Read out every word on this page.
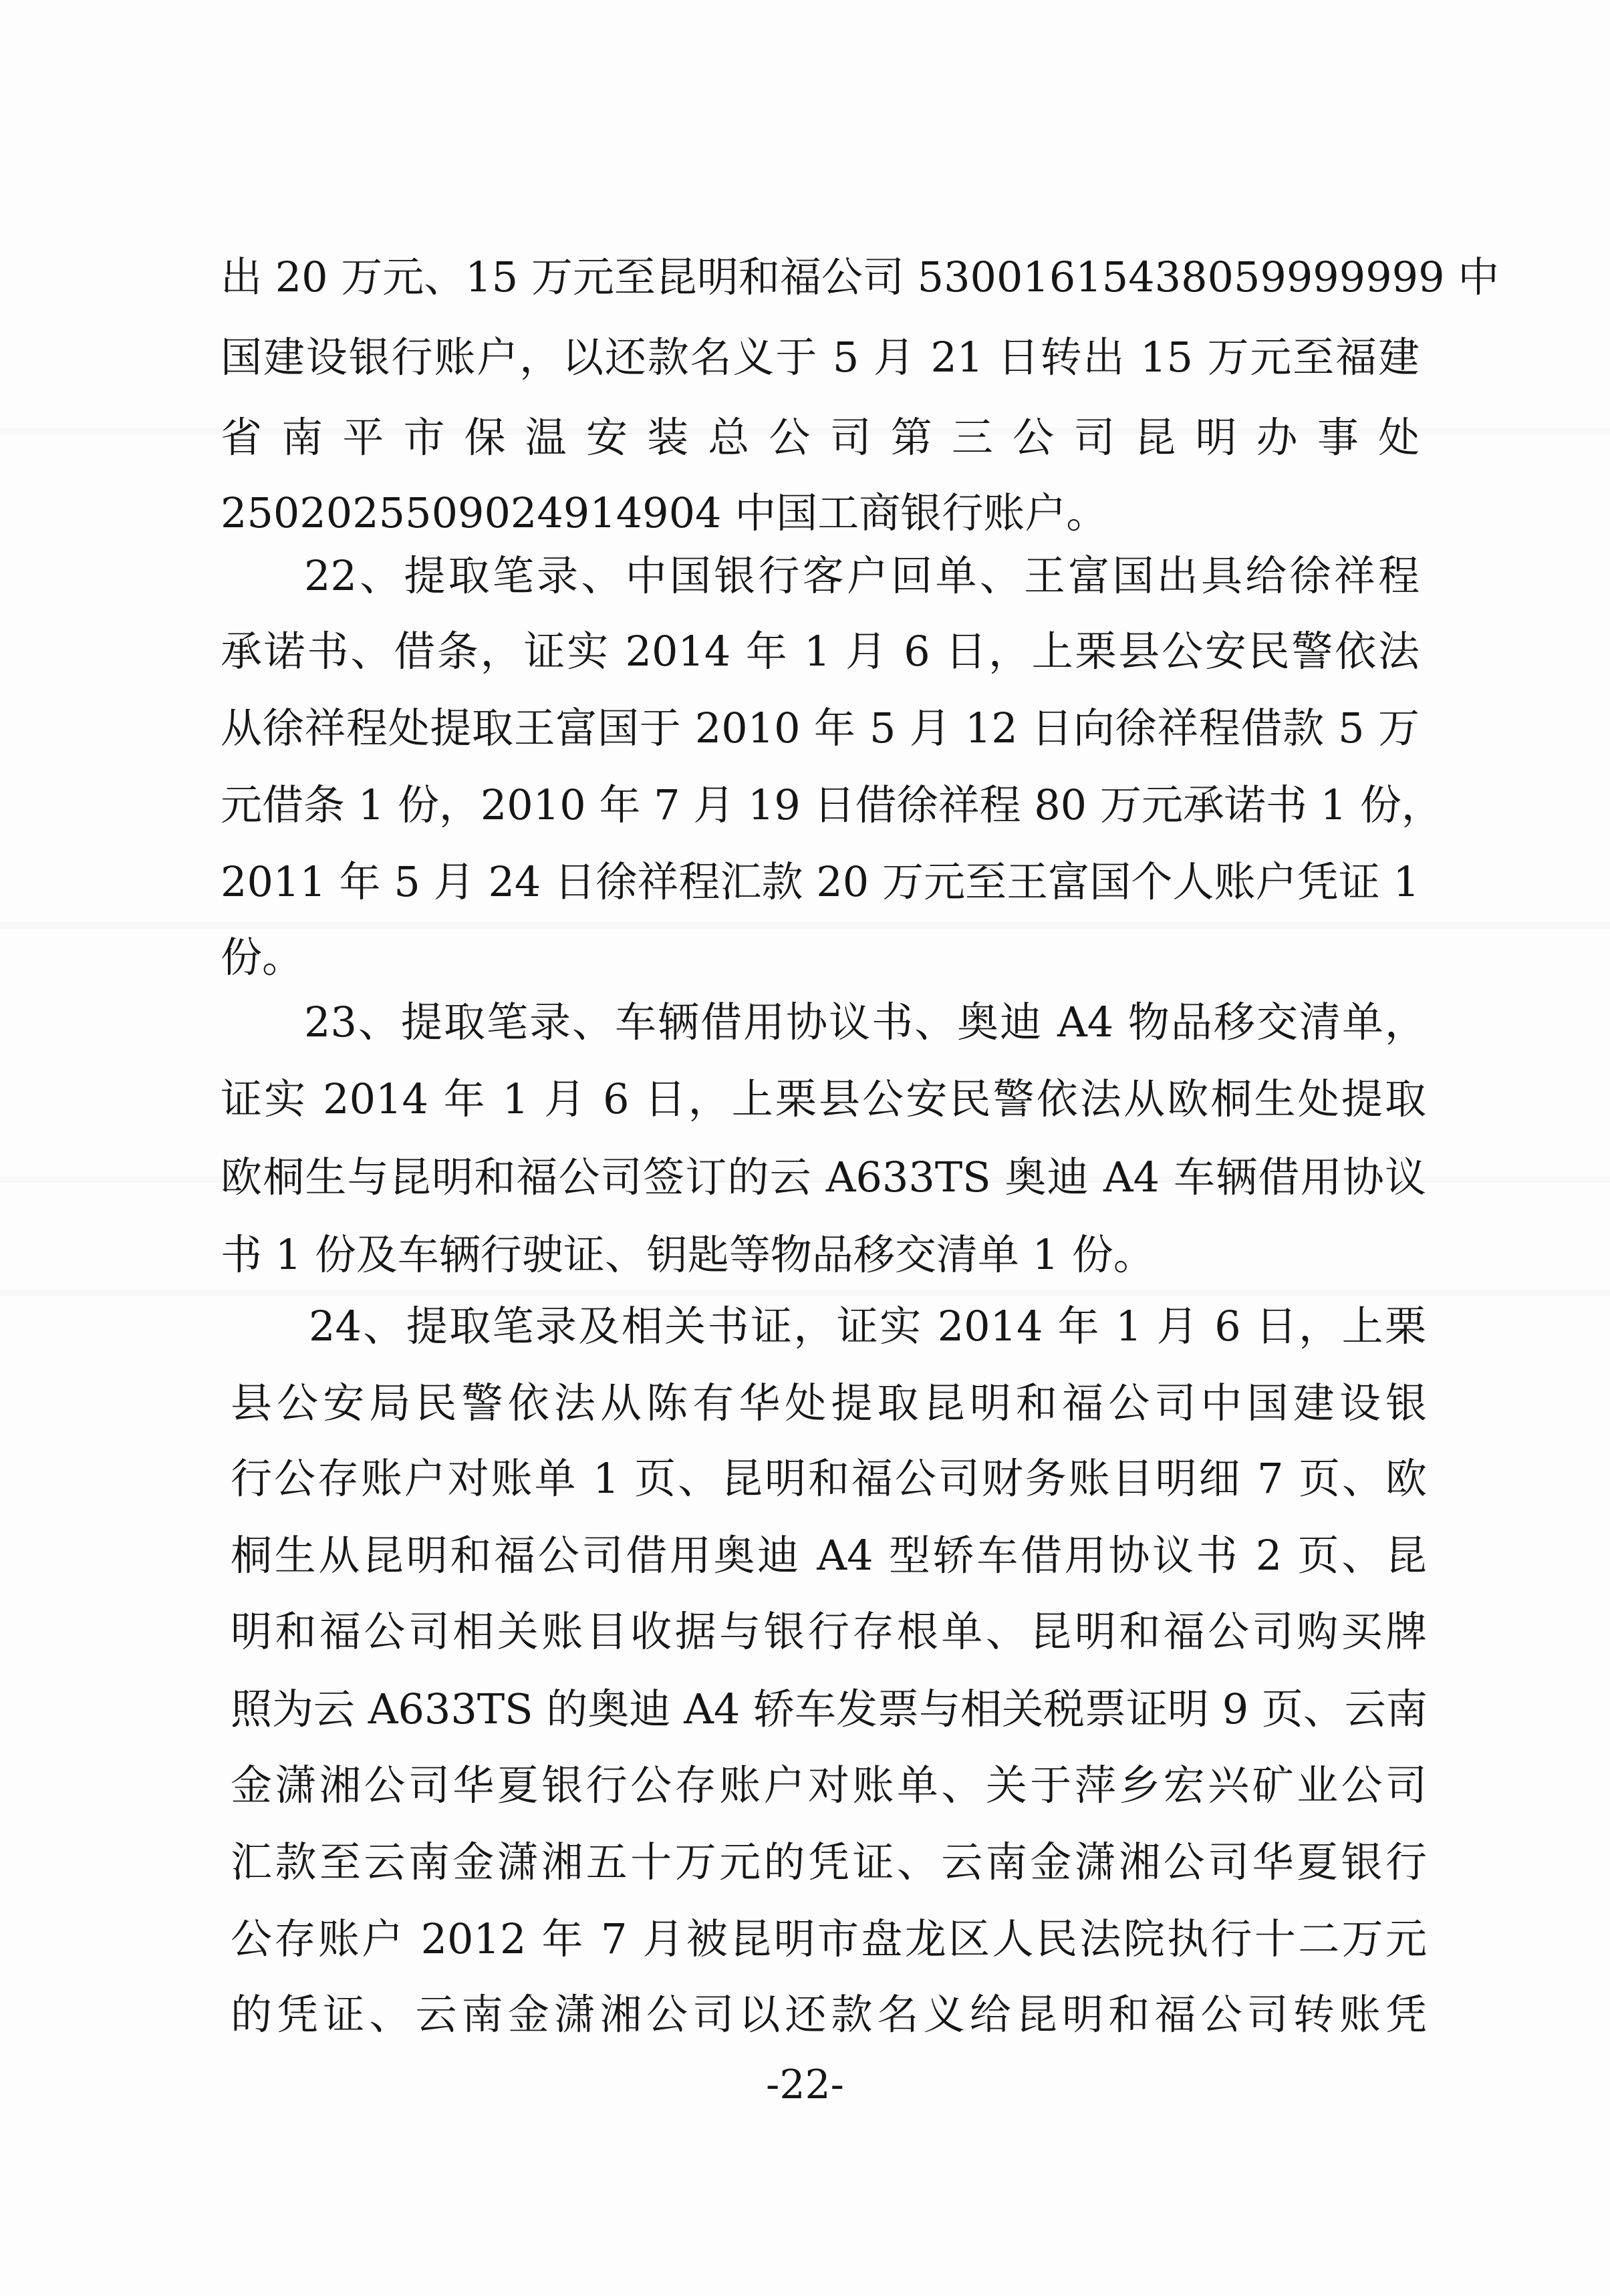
出 20 万元、15 万元至昆明和福公司 53001615438059999999 中
国建设银行账户，以还款名义于 5 月 21 日转出 15 万元至福建
省 南 平 市 保 温 安 装 总 公 司 第 三 公 司 昆 明 办 事 处
2502025509024914904 中国工商银行账户。
22、提取笔录、中国银行客户回单、王富国出具给徐祥程
承诺书、借条，证实 2014 年 1 月 6 日，上栗县公安民警依法
从徐祥程处提取王富国于 2010 年 5 月 12 日向徐祥程借款 5 万
元借条 1 份，2010 年 7 月 19 日借徐祥程 80 万元承诺书 1 份，
2011 年 5 月 24 日徐祥程汇款 20 万元至王富国个人账户凭证 1
份。
23、提取笔录、车辆借用协议书、奥迪 A4 物品移交清单，
证实 2014 年 1 月 6 日，上栗县公安民警依法从欧桐生处提取
欧桐生与昆明和福公司签订的云 A633TS 奥迪 A4 车辆借用协议
书 1 份及车辆行驶证、钥匙等物品移交清单 1 份。
24、提取笔录及相关书证，证实 2014 年 1 月 6 日，上栗
县公安局民警依法从陈有华处提取昆明和福公司中国建设银
行公存账户对账单 1 页、昆明和福公司财务账目明细 7 页、欧
桐生从昆明和福公司借用奥迪 A4 型轿车借用协议书 2 页、昆
明和福公司相关账目收据与银行存根单、昆明和福公司购买牌
照为云 A633TS 的奥迪 A4 轿车发票与相关税票证明 9 页、云南
金潇湘公司华夏银行公存账户对账单、关于萍乡宏兴矿业公司
汇款至云南金潇湘五十万元的凭证、云南金潇湘公司华夏银行
公存账户 2012 年 7 月被昆明市盘龙区人民法院执行十二万元
的凭证、云南金潇湘公司以还款名义给昆明和福公司转账凭
-22-
